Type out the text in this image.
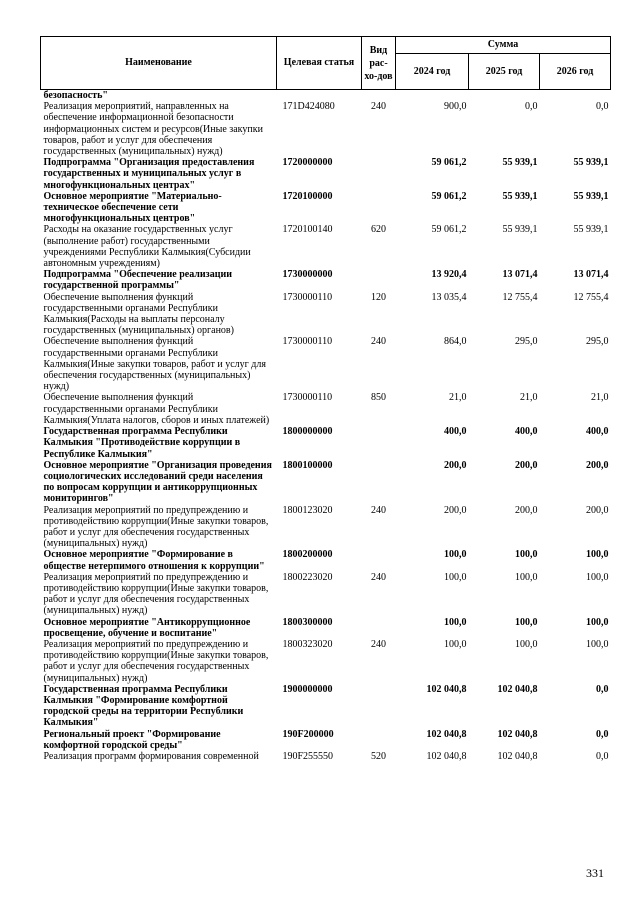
Наименование	Целевая статья	Вид рас-хо-дов	Сумма		
			2024 год	2025 год	2026 год
безопасность"					
Реализация мероприятий, направленных на обеспечение информационной безопасности информационных систем и ресурсов(Иные закупки товаров, работ и услуг для обеспечения государственных (муниципальных) нужд)	171D424080	240	900,0	0,0	0,0
Подпрограмма "Организация предоставления государственных и муниципальных услуг в многофункциональных центрах"	1720000000		59 061,2	55 939,1	55 939,1
Основное мероприятие "Материально-техническое обеспечение сети многофункциональных центров"	1720100000		59 061,2	55 939,1	55 939,1
Расходы на оказание государственных услуг (выполнение работ) государственными учреждениями Республики Калмыкия(Субсидии автономным учреждениям)	1720100140	620	59 061,2	55 939,1	55 939,1
Подпрограмма "Обеспечение реализации государственной программы"	1730000000		13 920,4	13 071,4	13 071,4
Обеспечение выполнения функций государственными органами Республики Калмыкия(Расходы на выплаты персоналу государственных (муниципальных) органов)	1730000110	120	13 035,4	12 755,4	12 755,4
Обеспечение выполнения функций государственными органами Республики Калмыкия(Иные закупки товаров, работ и услуг для обеспечения государственных (муниципальных) нужд)	1730000110	240	864,0	295,0	295,0
Обеспечение выполнения функций государственными органами Республики Калмыкия(Уплата налогов, сборов и иных платежей)	1730000110	850	21,0	21,0	21,0
Государственная программа Республики Калмыкия "Противодействие коррупции в Республике Калмыкия"	1800000000		400,0	400,0	400,0
Основное мероприятие "Организация проведения социологических исследований среди населения по вопросам коррупции и антикоррупционных мониторингов"	1800100000		200,0	200,0	200,0
Реализация мероприятий по предупреждению и противодействию коррупции(Иные закупки товаров, работ и услуг для обеспечения государственных (муниципальных) нужд)	1800123020	240	200,0	200,0	200,0
Основное мероприятие "Формирование в обществе нетерпимого отношения к коррупции"	1800200000		100,0	100,0	100,0
Реализация мероприятий по предупреждению и противодействию коррупции(Иные закупки товаров, работ и услуг для обеспечения государственных (муниципальных) нужд)	1800223020	240	100,0	100,0	100,0
Основное мероприятие "Антикоррупционное просвещение, обучение и воспитание"	1800300000		100,0	100,0	100,0
Реализация мероприятий по предупреждению и противодействию коррупции(Иные закупки товаров, работ и услуг для обеспечения государственных (муниципальных) нужд)	1800323020	240	100,0	100,0	100,0
Государственная программа Республики Калмыкия "Формирование комфортной городской среды на территории Республики Калмыкия"	1900000000		102 040,8	102 040,8	0,0
Региональный проект "Формирование комфортной городской среды"	190F200000		102 040,8	102 040,8	0,0
Реализация программ формирования современной	190F255550	520	102 040,8	102 040,8	0,0
331
